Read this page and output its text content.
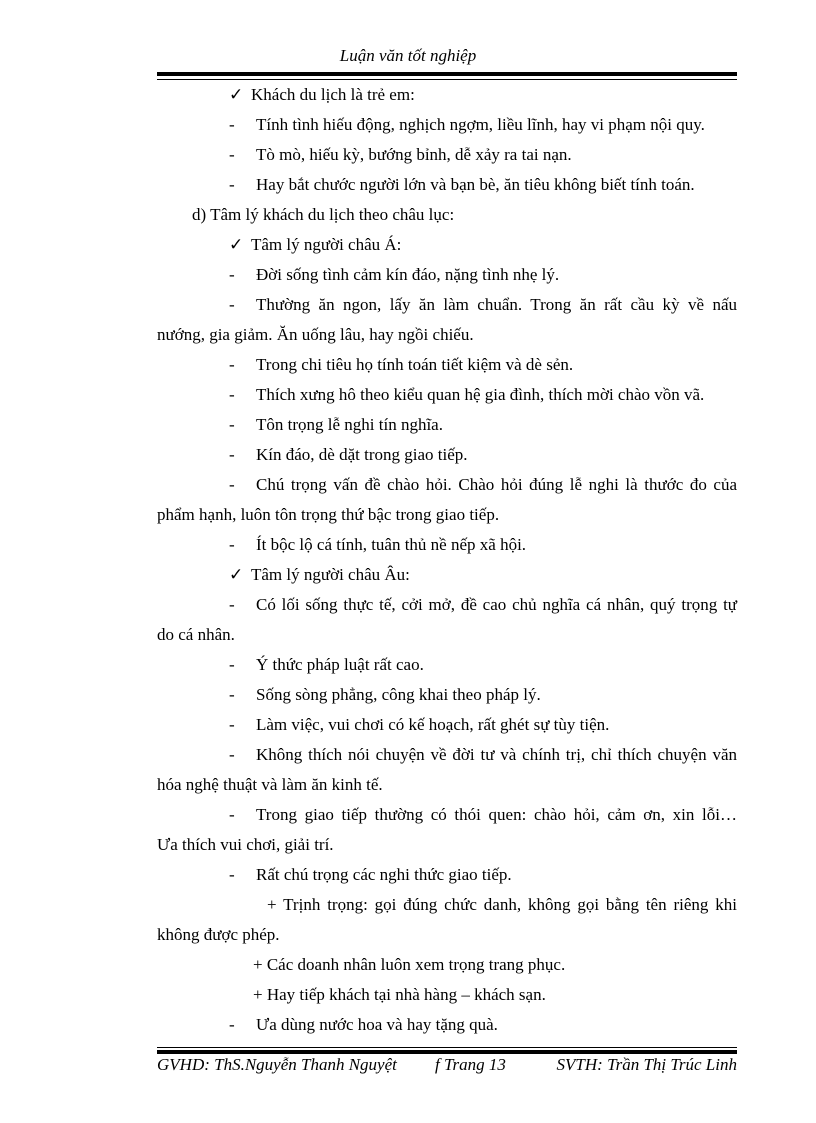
Luận văn tốt nghiệp
✓ Khách du lịch là trẻ em:
- Tính tình hiếu động, nghịch ngợm, liều lĩnh, hay vi phạm nội quy.
- Tò mò, hiếu kỳ, bướng bỉnh, dễ xảy ra tai nạn.
- Hay bắt chước người lớn và bạn bè, ăn tiêu không biết tính toán.
d) Tâm lý khách du lịch theo châu lục:
✓ Tâm lý người châu Á:
- Đời sống tình cảm kín đáo, nặng tình nhẹ lý.
- Thường ăn ngon, lấy ăn làm chuẩn. Trong ăn rất cầu kỳ về nấu
nướng, gia giảm. Ăn uống lâu, hay ngồi chiếu.
- Trong chi tiêu họ tính toán tiết kiệm và dè sẻn.
- Thích xưng hô theo kiểu quan hệ gia đình, thích mời chào vồn vã.
- Tôn trọng lễ nghi tín nghĩa.
- Kín đáo, dè dặt trong giao tiếp.
- Chú trọng vấn đề chào hỏi. Chào hỏi đúng lễ nghi là thước đo của
phẩm hạnh, luôn tôn trọng thứ bậc trong giao tiếp.
- Ít bộc lộ cá tính, tuân thủ nề nếp xã hội.
✓ Tâm lý người châu Âu:
- Có lối sống thực tế, cởi mở, đề cao chủ nghĩa cá nhân, quý trọng tự
do cá nhân.
- Ý thức pháp luật rất cao.
- Sống sòng phẳng, công khai theo pháp lý.
- Làm việc, vui chơi có kế hoạch, rất ghét sự tùy tiện.
- Không thích nói chuyện về đời tư và chính trị, chỉ thích chuyện văn
hóa nghệ thuật và làm ăn kinh tế.
- Trong giao tiếp thường có thói quen: chào hỏi, cảm ơn, xin lỗi…
Ưa thích vui chơi, giải trí.
- Rất chú trọng các nghi thức giao tiếp.
+ Trịnh trọng: gọi đúng chức danh, không gọi bằng tên riêng khi
không được phép.
+ Các doanh nhân luôn xem trọng trang phục.
+ Hay tiếp khách tại nhà hàng – khách sạn.
- Ưa dùng nước hoa và hay tặng quà.
GVHD: ThS.Nguyễn Thanh Nguyệt f Trang 13	SVTH: Trần Thị Trúc Linh
